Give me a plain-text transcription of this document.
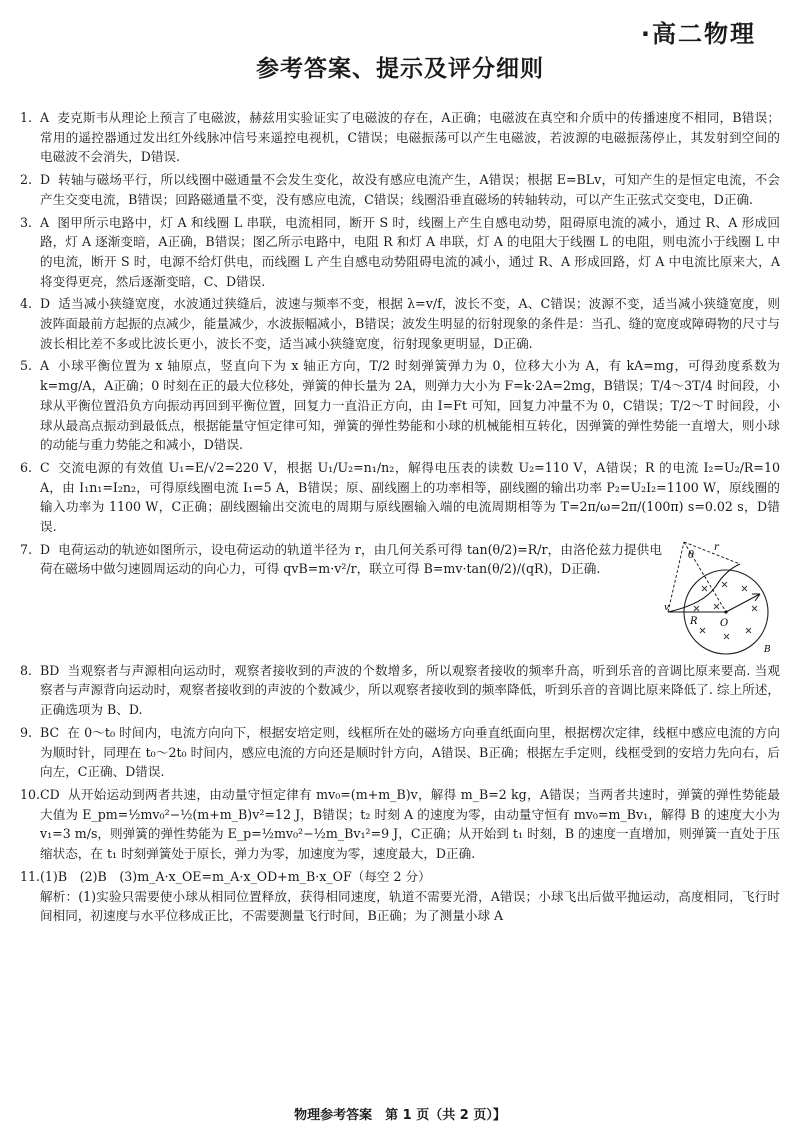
·高二物理
参考答案、提示及评分细则
1. A 麦克斯韦从理论上预言了电磁波，赫兹用实验证实了电磁波的存在，A正确；电磁波在真空和介质中的传播速度不相同，B错误；常用的遥控器通过发出红外线脉冲信号来遥控电视机，C错误；电磁振荡可以产生电磁波，若波源的电磁振荡停止，其发射到空间的电磁波不会消失，D错误.
2. D 转轴与磁场平行，所以线圈中磁通量不会发生变化，故没有感应电流产生，A错误；根据 E=BLv，可知产生的是恒定电流，不会产生交变电流，B错误；回路磁通量不变，没有感应电流，C错误；线圈沿垂直磁场的转轴转动，可以产生正弦式交变电，D正确.
3. A 图甲所示电路中，灯 A 和线圈 L 串联，电流相同，断开 S 时，线圈上产生自感电动势，阻碍原电流的减小，通过 R、A 形成回路，灯 A 逐渐变暗，A正确，B错误；图乙所示电路中，电阻 R 和灯 A 串联，灯 A 的电阻大于线圈 L 的电阻，则电流小于线圈 L 中的电流，断开 S 时，电源不给灯供电，而线圈 L 产生自感电动势阻碍电流的减小，通过 R、A 形成回路，灯 A 中电流比原来大，A将变得更亮，然后逐渐变暗，C、D错误.
4. D 适当减小狭缝宽度，水波通过狭缝后，波速与频率不变，根据 λ=v/f，波长不变，A、C错误；波源不变，适当减小狭缝宽度，则波阵面最前方起振的点减少，能量减少，水波振幅减小，B错误；波发生明显的衍射现象的条件是：当孔、缝的宽度或障碍物的尺寸与波长相比差不多或比波长更小，波长不变，适当减小狭缝宽度，衍射现象更明显，D正确.
5. A 小球平衡位置为 x 轴原点，竖直向下为 x 轴正方向，T/2 时刻弹簧弹力为 0，位移大小为 A，有 kA=mg，可得劲度系数为 k=mg/A，A正确；0 时刻在正的最大位移处，弹簧的伸长量为 2A，则弹力大小为 F=k·2A=2mg，B错误；T/4～3T/4 时间段，小球从平衡位置沿负方向振动再回到平衡位置，回复力一直沿正方向，由 I=Ft 可知，回复力冲量不为 0，C错误；T/2～T 时间段，小球从最高点振动到最低点，根据能量守恒定律可知，弹簧的弹性势能和小球的机械能相互转化，因弹簧的弹性势能一直增大，则小球的动能与重力势能之和减小，D错误.
6. C 交流电源的有效值 U₁=E/√2=220 V，根据 U₁/U₂=n₁/n₂，解得电压表的读数 U₂=110 V，A错误；R 的电流 I₂=U₂/R=10 A，由 I₁n₁=I₂n₂，可得原线圈电流 I₁=5 A，B错误；原、副线圈上的功率相等，副线圈的输出功率 P₂=U₂I₂=1100 W，原线圈的输入功率为 1100 W，C正确；副线圈输出交流电的周期与原线圈输入端的电流周期相等为 T=2π/ω=2π/(100π) s=0.02 s，D错误.
7. D 电荷运动的轨迹如图所示，设电荷运动的轨道半径为 r，由几何关系可得 tan(θ/2)=R/r，由洛伦兹力提供电荷在磁场中做匀速圆周运动的向心力，可得 qvB=m·v²/r，联立可得 B=mv·tan(θ/2)/(qR)，D正确.
θ
r
R O
v
B
8. BD 当观察者与声源相向运动时，观察者接收到的声波的个数增多，所以观察者接收的频率升高，听到乐音的音调比原来要高. 当观察者与声源背向运动时，观察者接收到的声波的个数减少，所以观察者接收到的频率降低，听到乐音的音调比原来降低了. 综上所述，正确选项为 B、D.
9. BC 在 0～t₀ 时间内，电流方向向下，根据安培定则，线框所在处的磁场方向垂直纸面向里，根据楞次定律，线框中感应电流的方向为顺时针，同理在 t₀～2t₀ 时间内，感应电流的方向还是顺时针方向，A错误、B正确；根据左手定则，线框受到的安培力先向右，后向左，C正确、D错误.
10. CD 从开始运动到两者共速，由动量守恒定律有 mv₀=(m+m_B)v，解得 m_B=2 kg，A错误；当两者共速时，弹簧的弹性势能最大值为 E_pm=½mv₀²−½(m+m_B)v²=12 J，B错误；t₂ 时刻 A 的速度为零，由动量守恒有 mv₀=m_Bv₁，解得 B 的速度大小为 v₁=3 m/s，则弹簧的弹性势能为 E_p=½mv₀²−½m_Bv₁²=9 J，C正确；从开始到 t₁ 时刻，B 的速度一直增加，则弹簧一直处于压缩状态，在 t₁ 时刻弹簧处于原长，弹力为零，加速度为零，速度最大，D正确.
11. (1)B　(2)B　(3)m_A·x_OE=m_A·x_OD+m_B·x_OF（每空 2 分）
解析：(1)实验只需要使小球从相同位置释放，获得相同速度，轨道不需要光滑，A错误；小球飞出后做平抛运动，高度相同，飞行时间相同，初速度与水平位移成正比，不需要测量飞行时间，B正确；为了测量小球 A
物理参考答案　第 1 页（共 2 页）】
